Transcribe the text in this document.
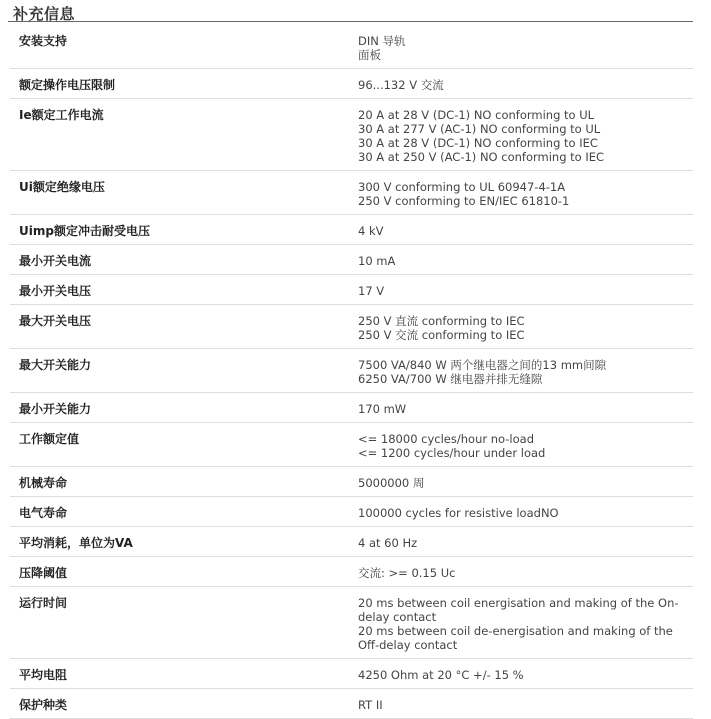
补充信息
安装支持	DIN 导轨
面板

额定操作电压限制	96...132 V 交流

Ie额定工作电流	20 A at 28 V (DC-1) NO conforming to UL
30 A at 277 V (AC-1) NO conforming to UL
30 A at 28 V (DC-1) NO conforming to IEC
30 A at 250 V (AC-1) NO conforming to IEC

Ui额定绝缘电压	300 V conforming to UL 60947-4-1A
250 V conforming to EN/IEC 61810-1

Uimp额定冲击耐受电压	4 kV

最小开关电流	10 mA

最小开关电压	17 V

最大开关电压	250 V 直流 conforming to IEC
250 V 交流 conforming to IEC

最大开关能力	7500 VA/840 W 两个继电器之间的13 mm间隙
6250 VA/700 W 继电器并排无缝隙

最小开关能力	170 mW

工作额定值	<= 18000 cycles/hour no-load
<= 1200 cycles/hour under load

机械寿命	5000000 周

电气寿命	100000 cycles for resistive loadNO

平均消耗，单位为VA	4 at 60 Hz

压降阈值	交流: >= 0.15 Uc

运行时间	20 ms between coil energisation and making of the On-delay contact
20 ms between coil de-energisation and making of the Off-delay contact

平均电阻	4250 Ohm at 20 °C +/- 15 %

保护种类	RT II
